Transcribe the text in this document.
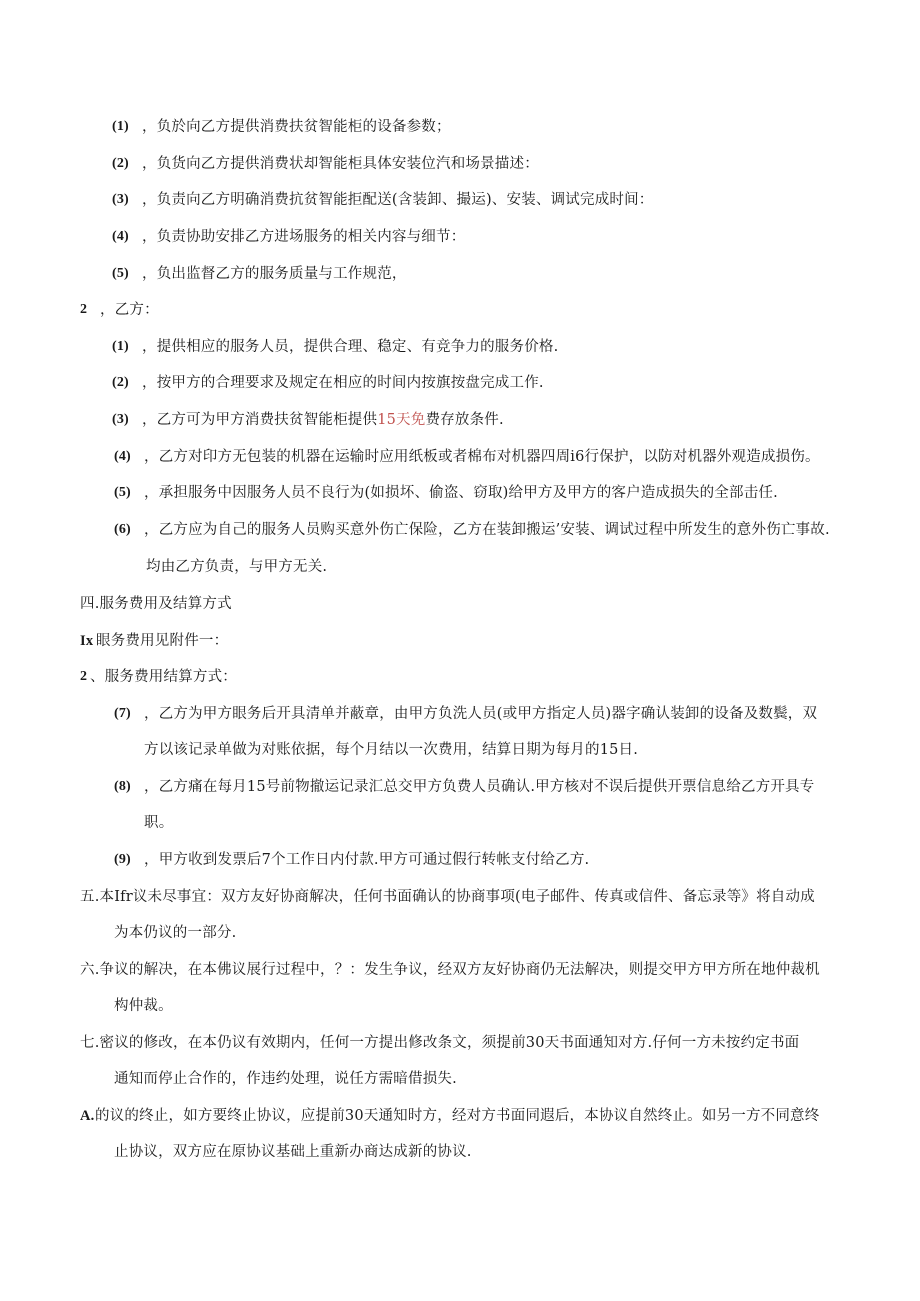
(1) ，负於向乙方提供消费扶贫智能柜的设备参数；
(2) ，负货向乙方提供消费状却智能柜具体安装位汽和场景描述：
(3) ，负责向乙方明确消费抗贫智能拒配送(含装卸、撮运)、安装、调试完成时间：
(4) ，负责协助安排乙方进场服务的相关内容与细节：
(5) ，负出监督乙方的服务质量与工作规范，
2 ，乙方：
(1) ，提供相应的服务人员，提供合理、稳定、有竞争力的服务价格.
(2) ，按甲方的合理要求及规定在相应的时间内按旗按盘完成工作.
(3) ，乙方可为甲方消费扶贫智能柜提供15天免费存放条件.
(4) ，乙方对印方无包装的机器在运输时应用纸板或者棉布对机器四周i6行保护，以防对机器外观造成损伤。
(5) ，承担服务中因服务人员不良行为(如损坏、偷盗、窃取)给甲方及甲方的客户造成损失的全部击任.
(6) ，乙方应为自己的服务人员购买意外伤亡保险，乙方在装卸搬运’安装、调试过程中所发生的意外伤亡事故.
均由乙方负责，与甲方无关.
四.服务费用及结算方式
Ix 眼务费用见附件一：
2 、服务费用结算方式：
(7) ，乙方为甲方眼务后开具清单并蔽章，由甲方负洗人员(或甲方指定人员)器字确认装卸的设备及数鬓，双
方以该记录单做为对账依据，每个月结以一次费用，结算日期为每月的15日.
(8) ，乙方痛在每月15号前物撤运记录汇总交甲方负费人员确认.甲方核对不误后提供开票信息给乙方开具专
职。
(9) ，甲方收到发票后7个工作日内付款.甲方可通过假行转帐支付给乙方.
五.本Ifr议未尽事宜：双方友好协商解决，任何书面确认的协商事项(电子邮件、传真或信件、备忘录等》将自动成
为本仍议的一部分.
六.争议的解决，在本佛议展行过程中，？：发生争议，经双方友好协商仍无法解决，则提交甲方甲方所在地仲裁机
构仲裁。
七.密议的修改，在本仍议有效期内，任何一方提出修改条文，须提前30天书面通知对方.仔何一方未按约定书面
通知而停止合作的，作违约处理，说任方需暗借损失.
A. 的议的终止，如方要终止协议，应提前30天通知时方，经对方书面同遐后，本协议自然终止。如另一方不同意终
止协议，双方应在原协议基础上重新办商达成新的协议.
